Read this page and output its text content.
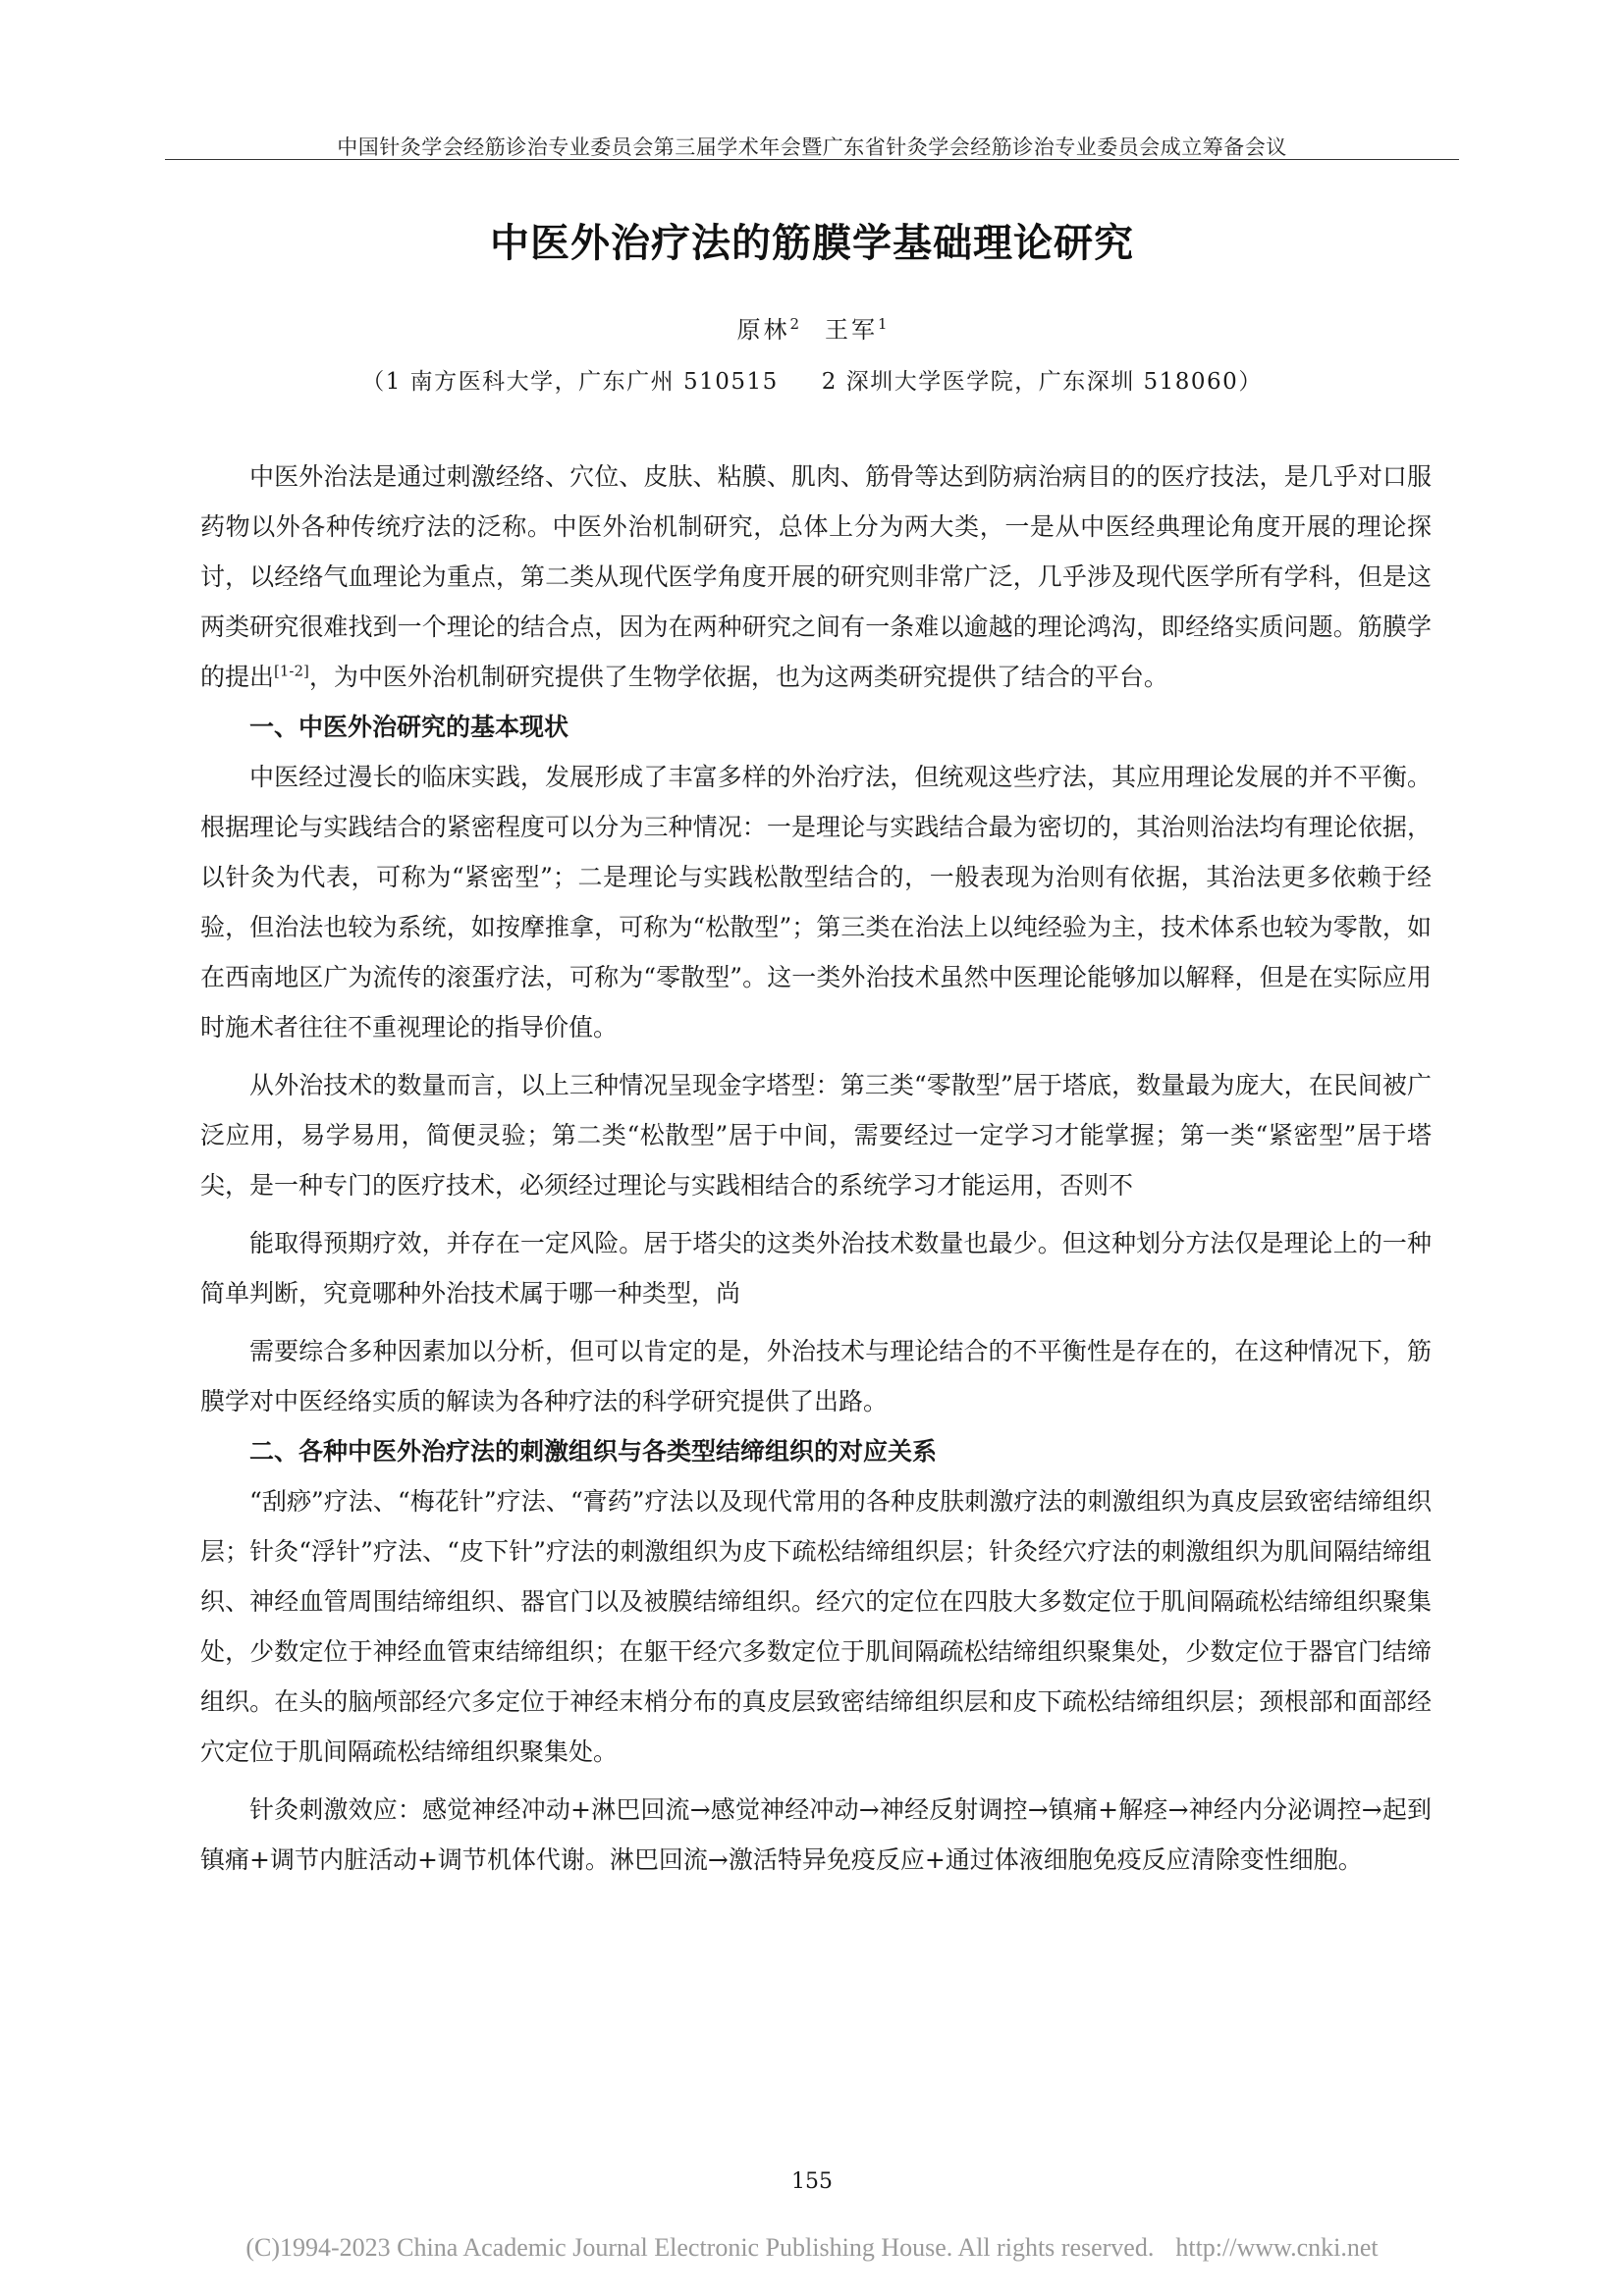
中国针灸学会经筋诊治专业委员会第三届学术年会暨广东省针灸学会经筋诊治专业委员会成立筹备会议
中医外治疗法的筋膜学基础理论研究
原林$^2$ 王军$^1$
（1 南方医科大学，广东广州 510515 2 深圳大学医学院，广东深圳 518060）

中医外治法是通过刺激经络、穴位、皮肤、粘膜、肌肉、筋骨等达到防病治病目的的医疗技法，是几乎对口服药物以外各种传统疗法的泛称。中医外治机制研究，总体上分为两大类，一是从中医经典理论角度开展的理论探讨，以经络气血理论为重点，第二类从现代医学角度开展的研究则非常广泛，几乎涉及现代医学所有学科，但是这两类研究很难找到一个理论的结合点，因为在两种研究之间有一条难以逾越的理论鸿沟，即经络实质问题。筋膜学的提出[1-2]，为中医外治机制研究提供了生物学依据，也为这两类研究提供了结合的平台。

一、中医外治研究的基本现状

中医经过漫长的临床实践，发展形成了丰富多样的外治疗法，但统观这些疗法，其应用理论发展的并不平衡。根据理论与实践结合的紧密程度可以分为三种情况：一是理论与实践结合最为密切的，其治则治法均有理论依据，以针灸为代表，可称为“紧密型”；二是理论与实践松散型结合的，一般表现为治则有依据，其治法更多依赖于经验，但治法也较为系统，如按摩推拿，可称为“松散型”；第三类在治法上以纯经验为主，技术体系也较为零散，如在西南地区广为流传的滚蛋疗法，可称为“零散型”。这一类外治技术虽然中医理论能够加以解释，但是在实际应用时施术者往往不重视理论的指导价值。

从外治技术的数量而言，以上三种情况呈现金字塔型：第三类“零散型”居于塔底，数量最为庞大，在民间被广泛应用，易学易用，简便灵验；第二类“松散型”居于中间，需要经过一定学习才能掌握；第一类“紧密型”居于塔尖，是一种专门的医疗技术，必须经过理论与实践相结合的系统学习才能运用，否则不

能取得预期疗效，并存在一定风险。居于塔尖的这类外治技术数量也最少。但这种划分方法仅是理论上的一种简单判断，究竟哪种外治技术属于哪一种类型，尚

需要综合多种因素加以分析，但可以肯定的是，外治技术与理论结合的不平衡性是存在的，在这种情况下，筋膜学对中医经络实质的解读为各种疗法的科学研究提供了出路。

二、各种中医外治疗法的刺激组织与各类型结缔组织的对应关系

“刮痧”疗法、“梅花针”疗法、“膏药”疗法以及现代常用的各种皮肤刺激疗法的刺激组织为真皮层致密结缔组织层；针灸“浮针”疗法、“皮下针”疗法的刺激组织为皮下疏松结缔组织层；针灸经穴疗法的刺激组织为肌间隔结缔组织、神经血管周围结缔组织、器官门以及被膜结缔组织。经穴的定位在四肢大多数定位于肌间隔疏松结缔组织聚集处，少数定位于神经血管束结缔组织；在躯干经穴多数定位于肌间隔疏松结缔组织聚集处，少数定位于器官门结缔组织。在头的脑颅部经穴多定位于神经末梢分布的真皮层致密结缔组织层和皮下疏松结缔组织层；颈根部和面部经穴定位于肌间隔疏松结缔组织聚集处。

针灸刺激效应：感觉神经冲动+淋巴回流→感觉神经冲动→神经反射调控→镇痛+解痉→神经内分泌调控→起到镇痛+调节内脏活动+调节机体代谢。淋巴回流→激活特异免疫反应+通过体液细胞免疫反应清除变性细胞。

155
(C)1994-2023 China Academic Journal Electronic Publishing House. All rights reserved. http://www.cnki.net
